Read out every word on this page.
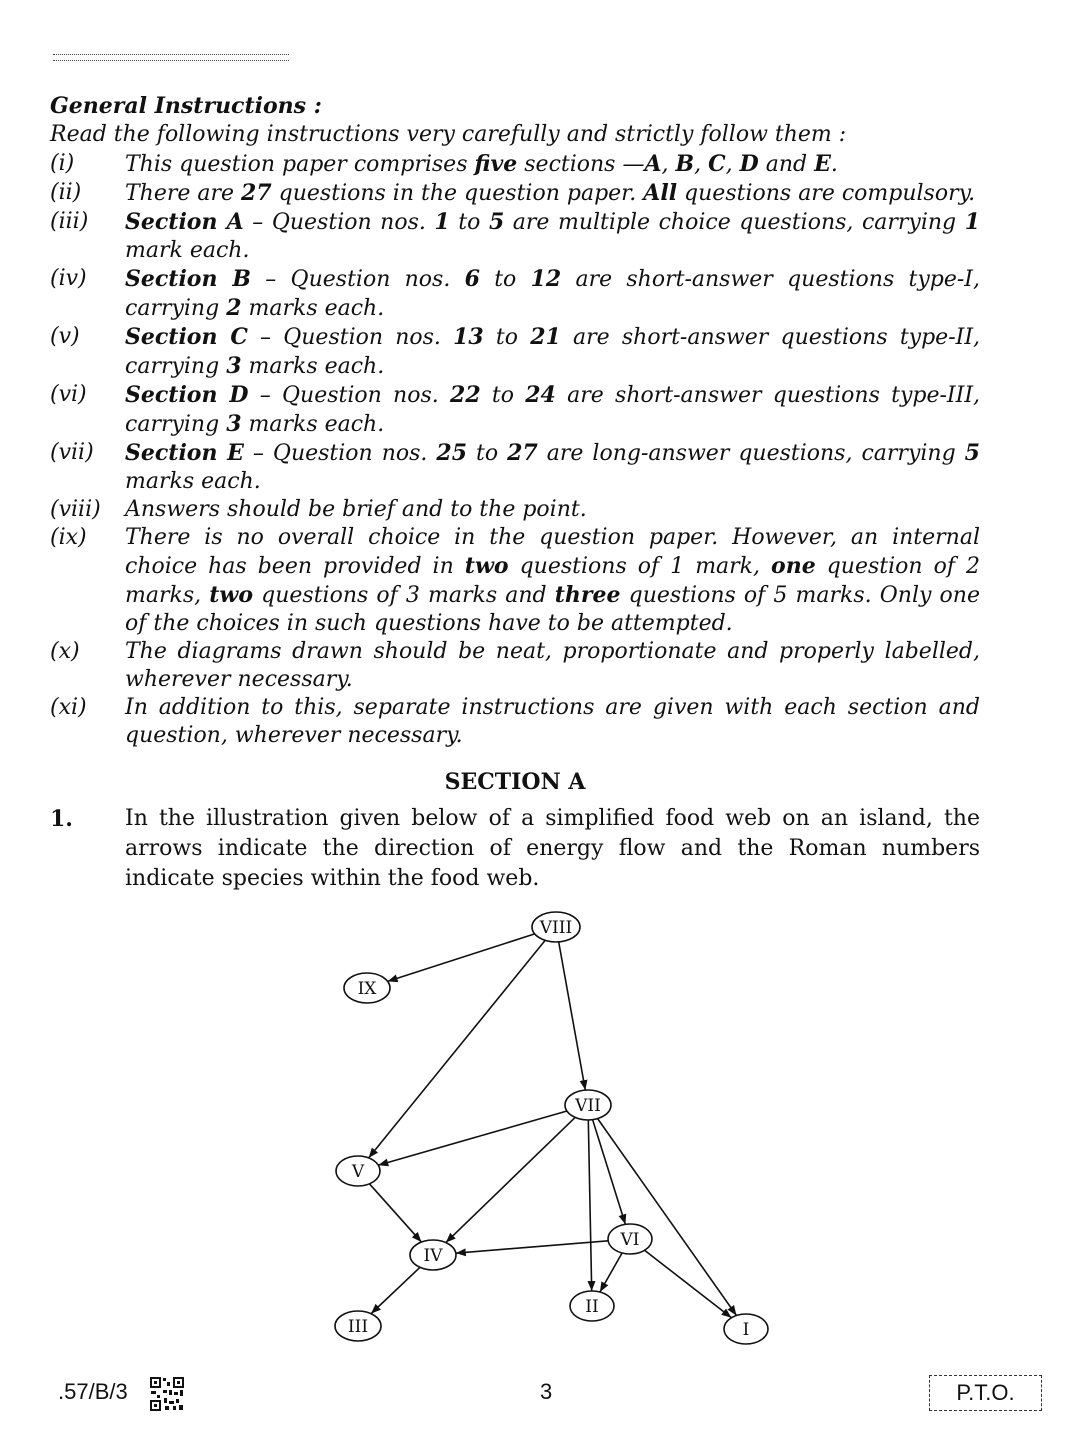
General Instructions :

Read the following instructions very carefully and strictly follow them :

(i)	This question paper comprises five sections —A, B, C, D and E.
(ii)	There are 27 questions in the question paper. All questions are compulsory.
(iii)	Section A – Question nos. 1 to 5 are multiple choice questions, carrying 1 mark each.
(iv)	Section B – Question nos. 6 to 12 are short-answer questions type-I, carrying 2 marks each.
(v)	Section C – Question nos. 13 to 21 are short-answer questions type-II, carrying 3 marks each.
(vi)	Section D – Question nos. 22 to 24 are short-answer questions type-III, carrying 3 marks each.
(vii)	Section E – Question nos. 25 to 27 are long-answer questions, carrying 5 marks each.
(viii)	Answers should be brief and to the point.
(ix)	There is no overall choice in the question paper. However, an internal choice has been provided in two questions of 1 mark, one question of 2 marks, two questions of 3 marks and three questions of 5 marks. Only one of the choices in such questions have to be attempted.
(x)	The diagrams drawn should be neat, proportionate and properly labelled, wherever necessary.
(xi)	In addition to this, separate instructions are given with each section and question, wherever necessary.
SECTION A
1.	In the illustration given below of a simplified food web on an island, the arrows indicate the direction of energy flow and the Roman numbers indicate species within the food web.
VIII
IX
VII
V
VI
IV
III
II
I
.57/B/3	3	P.T.O.
